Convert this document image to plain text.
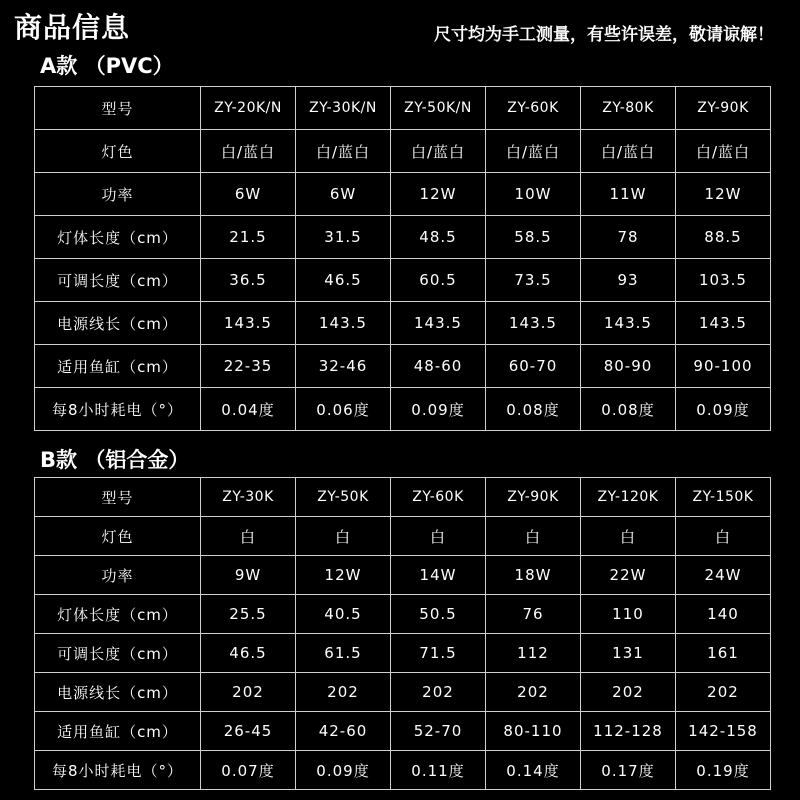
商品信息	尺寸均为手工测量，有些许误差，敬请谅解！
A款 （PVC）
型号	ZY-20K/N	ZY-30K/N	ZY-50K/N	ZY-60K	ZY-80K	ZY-90K
灯色	白/蓝白	白/蓝白	白/蓝白	白/蓝白	白/蓝白	白/蓝白
功率	6W	6W	12W	10W	11W	12W
灯体长度（cm）	21.5	31.5	48.5	58.5	78	88.5
可调长度（cm）	36.5	46.5	60.5	73.5	93	103.5
电源线长（cm）	143.5	143.5	143.5	143.5	143.5	143.5
适用鱼缸（cm）	22-35	32-46	48-60	60-70	80-90	90-100
每8小时耗电（°）	0.04度	0.06度	0.09度	0.08度	0.08度	0.09度
B款 （铝合金）
型号	ZY-30K	ZY-50K	ZY-60K	ZY-90K	ZY-120K	ZY-150K
灯色	白	白	白	白	白	白
功率	9W	12W	14W	18W	22W	24W
灯体长度（cm）	25.5	40.5	50.5	76	110	140
可调长度（cm）	46.5	61.5	71.5	112	131	161
电源线长（cm）	202	202	202	202	202	202
适用鱼缸（cm）	26-45	42-60	52-70	80-110	112-128	142-158
每8小时耗电（°）	0.07度	0.09度	0.11度	0.14度	0.17度	0.19度
